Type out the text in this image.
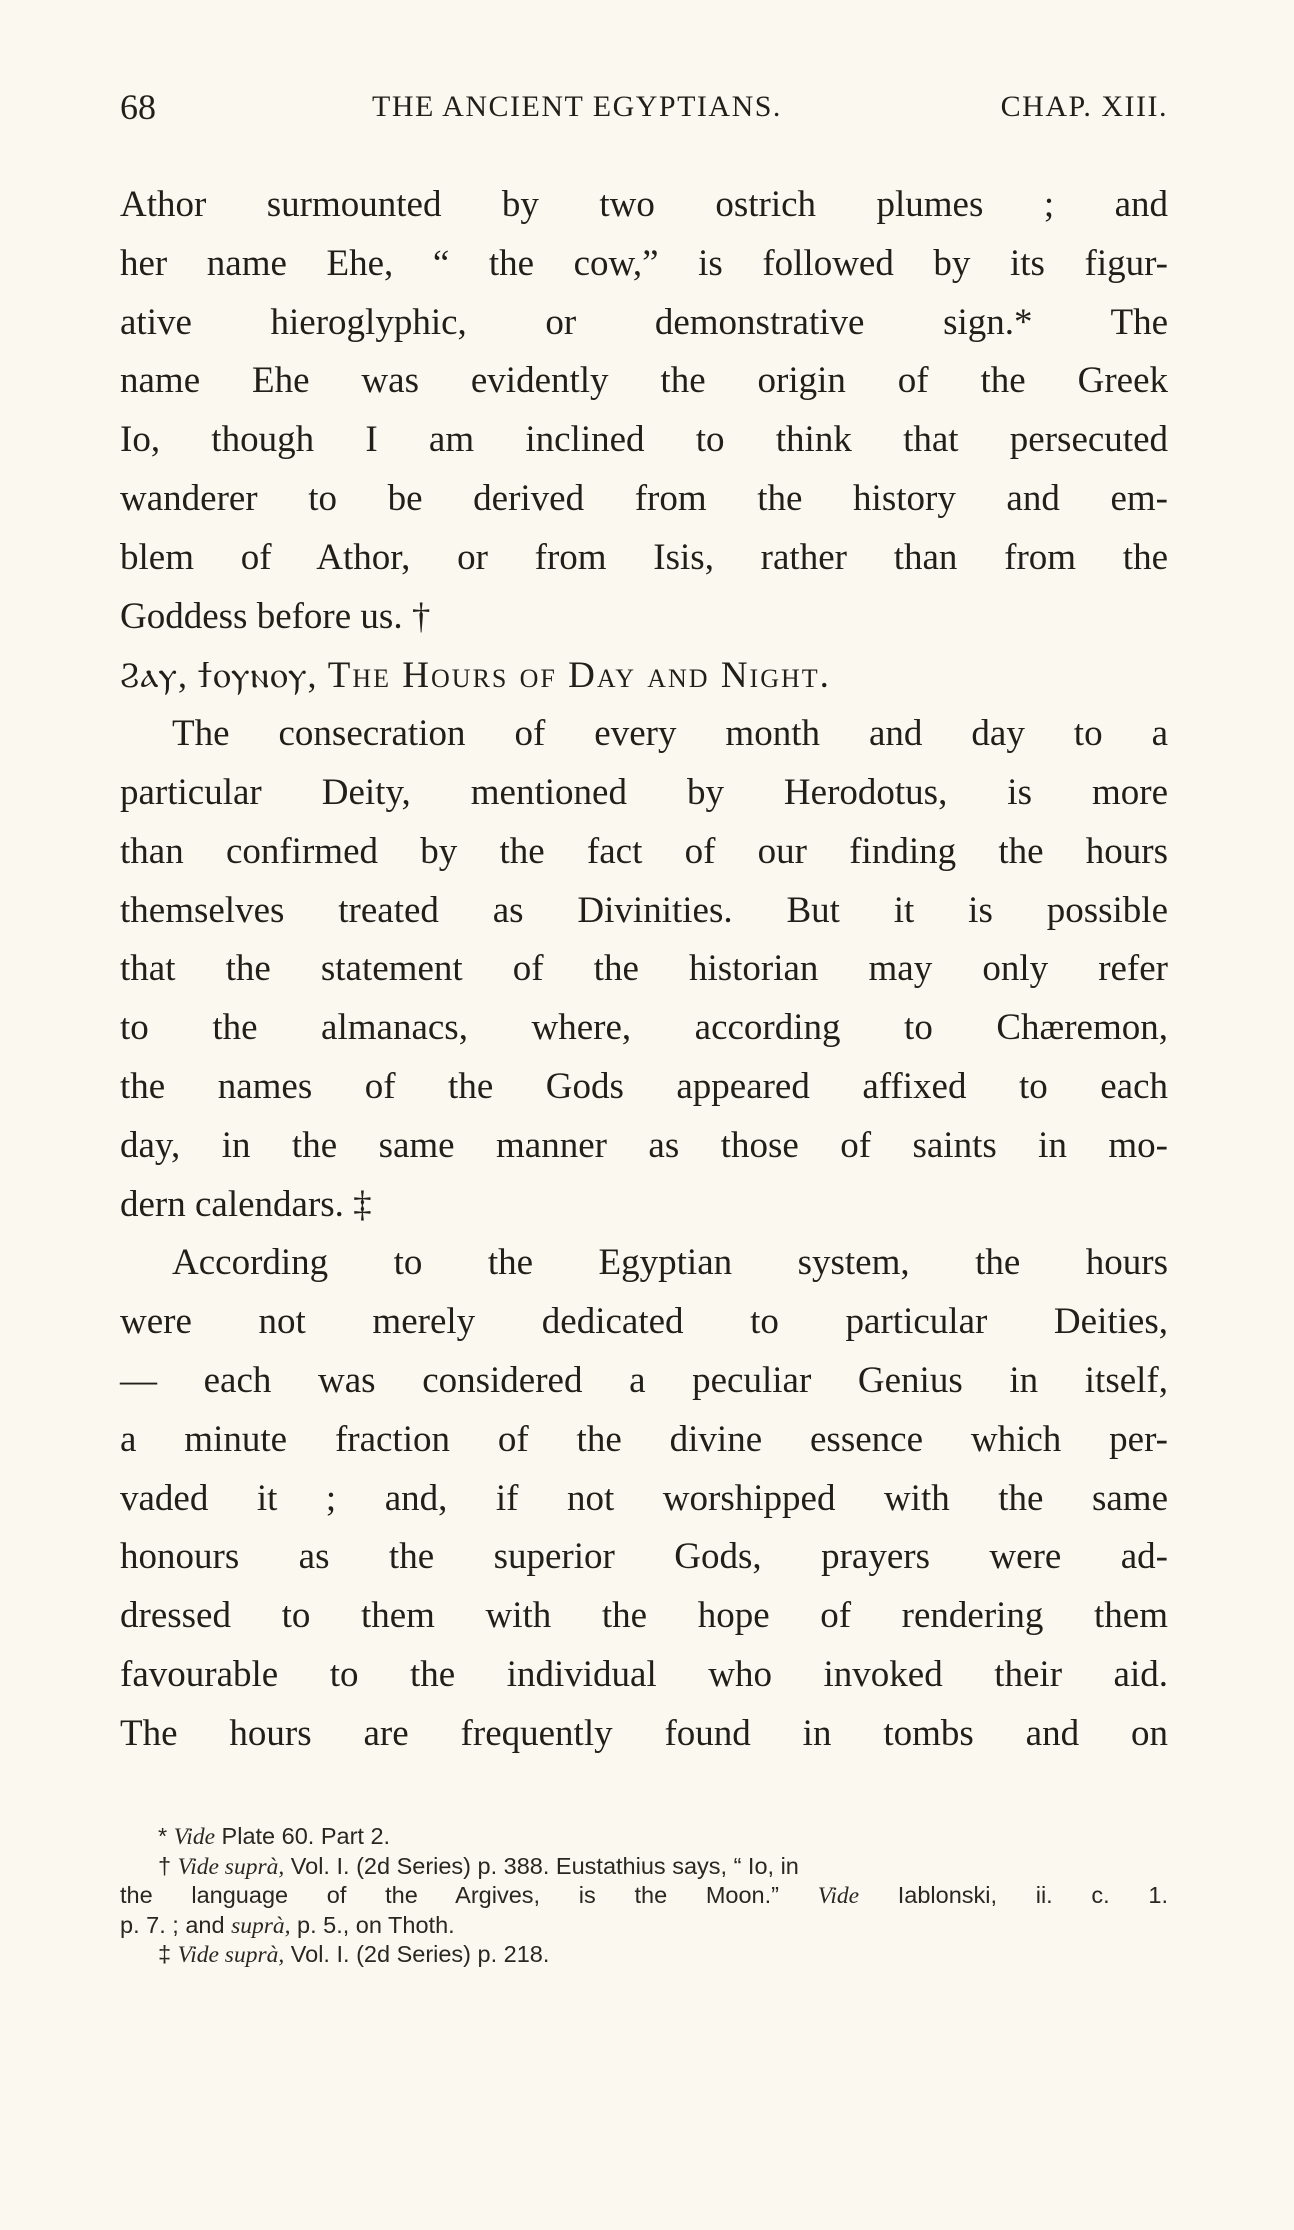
68	THE ANCIENT EGYPTIANS.	CHAP. XIII.
Athor surmounted by two ostrich plumes ; and
her name Ehe, “ the cow,” is followed by its figur-
ative hieroglyphic, or demonstrative sign.* The
name Ehe was evidently the origin of the Greek
Io, though I am inclined to think that persecuted
wanderer to be derived from the history and em-
blem of Athor, or from Isis, rather than from the
Goddess before us. †
Ϩⲁⲩ, ϯⲟⲩⲛⲟⲩ, The Hours of Day and Night.
The consecration of every month and day to a
particular Deity, mentioned by Herodotus, is more
than confirmed by the fact of our finding the hours
themselves treated as Divinities. But it is possible
that the statement of the historian may only refer
to the almanacs, where, according to Chæremon,
the names of the Gods appeared affixed to each
day, in the same manner as those of saints in mo-
dern calendars. ‡
According to the Egyptian system, the hours
were not merely dedicated to particular Deities,
— each was considered a peculiar Genius in itself,
a minute fraction of the divine essence which per-
vaded it ; and, if not worshipped with the same
honours as the superior Gods, prayers were ad-
dressed to them with the hope of rendering them
favourable to the individual who invoked their aid.
The hours are frequently found in tombs and on
* Vide Plate 60. Part 2.
† Vide suprà, Vol. I. (2d Series) p. 388. Eustathius says, “ Io, in
the language of the Argives, is the Moon.” Vide Iablonski, ii. c. 1.
p. 7. ; and suprà, p. 5., on Thoth.
‡ Vide suprà, Vol. I. (2d Series) p. 218.
